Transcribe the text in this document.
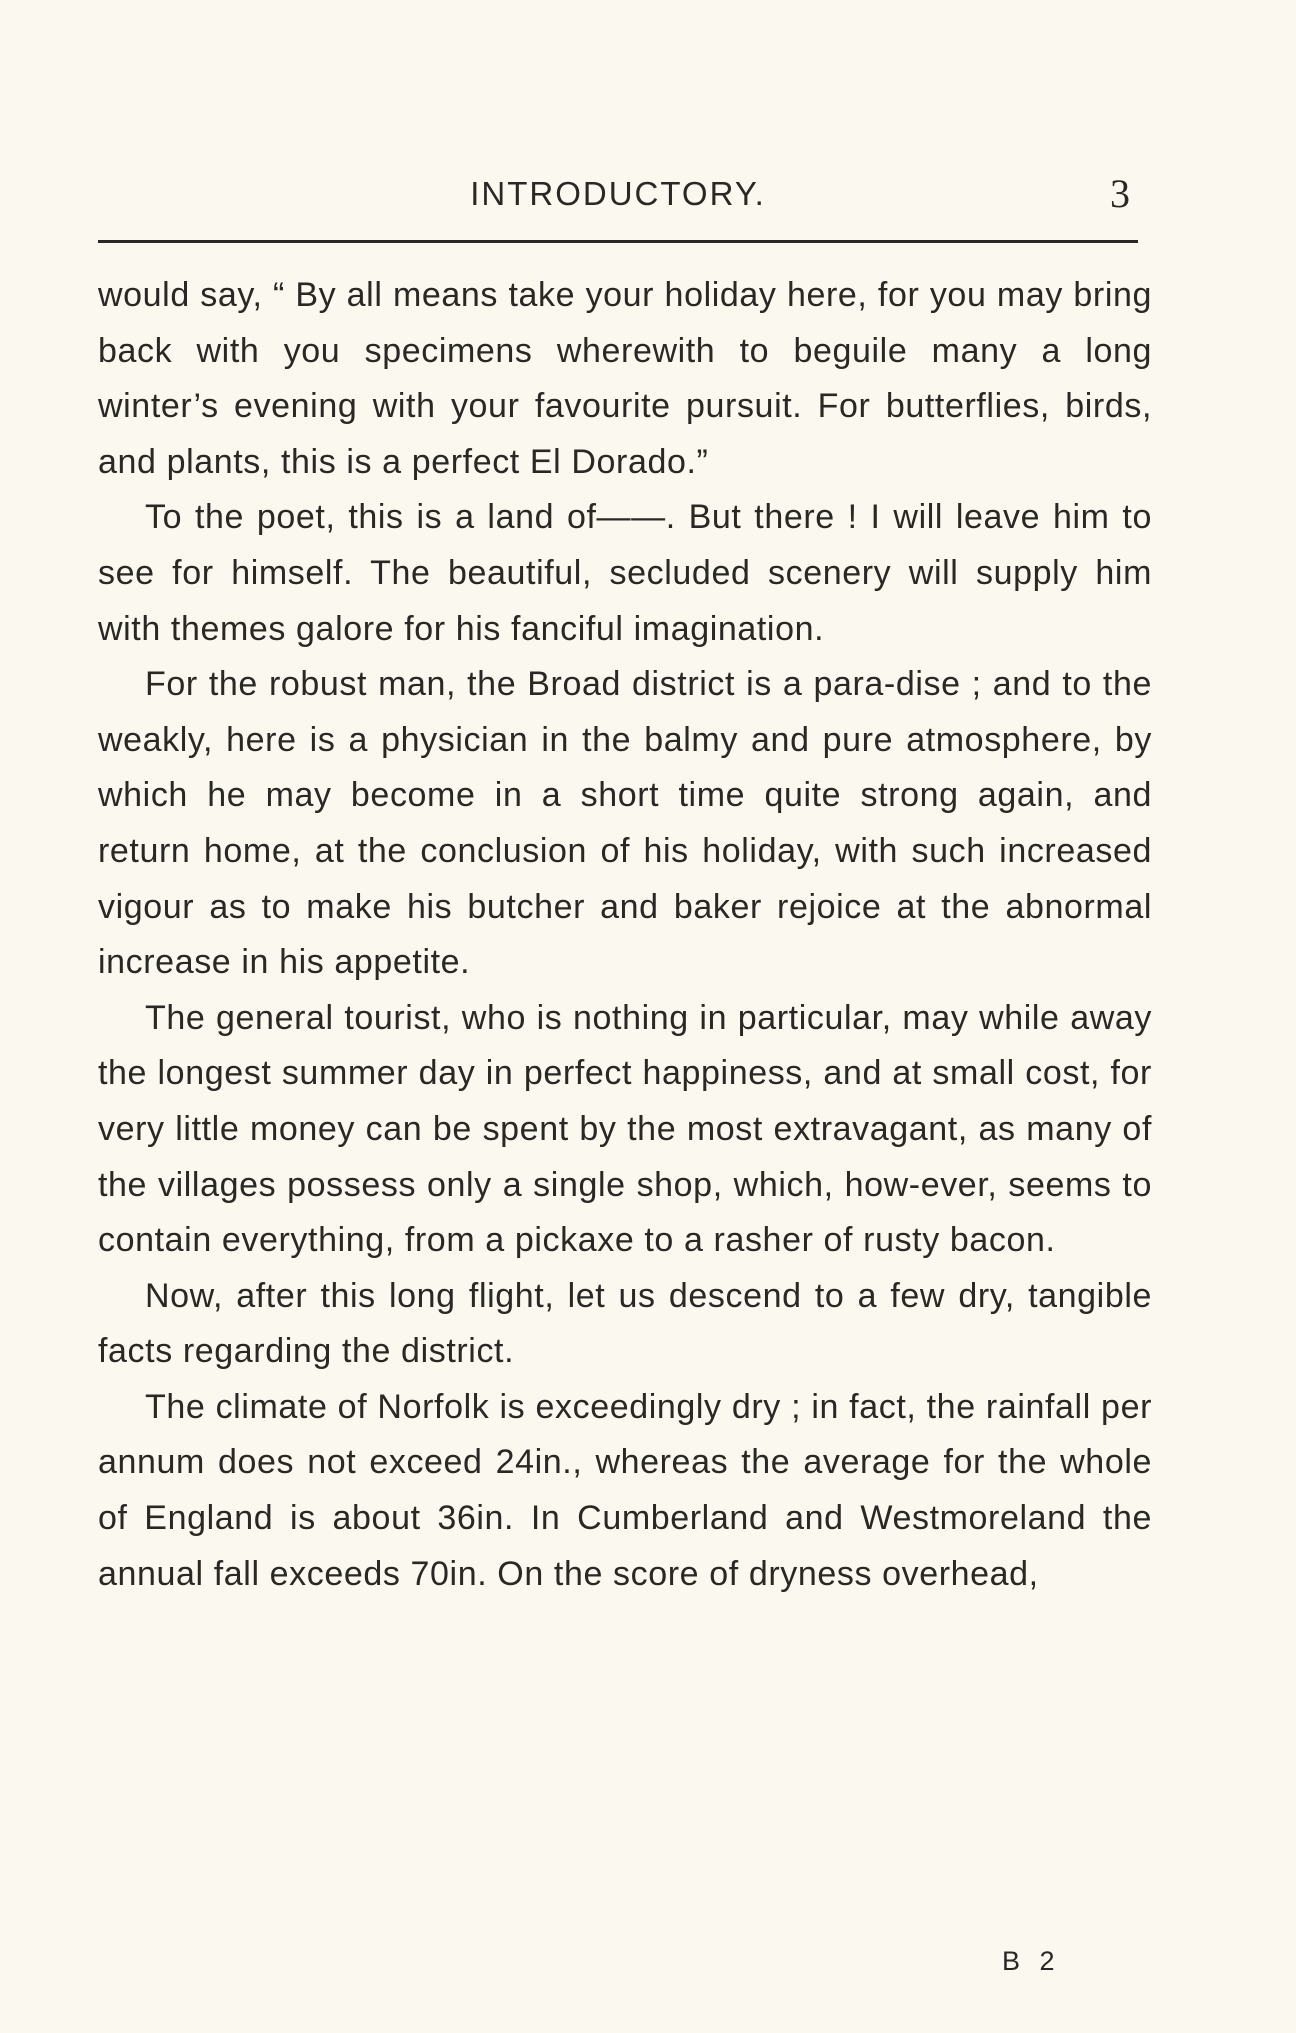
INTRODUCTORY.	3

would say, “ By all means take your holiday here, for you may bring back with you specimens wherewith to beguile many a long winter’s evening with your favourite pursuit. For butterflies, birds, and plants, this is a perfect El Dorado.”

To the poet, this is a land of——. But there ! I will leave him to see for himself. The beautiful, secluded scenery will supply him with themes galore for his fanciful imagination.

For the robust man, the Broad district is a para-dise ; and to the weakly, here is a physician in the balmy and pure atmosphere, by which he may become in a short time quite strong again, and return home, at the conclusion of his holiday, with such increased vigour as to make his butcher and baker rejoice at the abnormal increase in his appetite.

The general tourist, who is nothing in particular, may while away the longest summer day in perfect happiness, and at small cost, for very little money can be spent by the most extravagant, as many of the villages possess only a single shop, which, how-ever, seems to contain everything, from a pickaxe to a rasher of rusty bacon.

Now, after this long flight, let us descend to a few dry, tangible facts regarding the district.

The climate of Norfolk is exceedingly dry ; in fact, the rainfall per annum does not exceed 24in., whereas the average for the whole of England is about 36in. In Cumberland and Westmoreland the annual fall exceeds 70in. On the score of dryness overhead,

B 2
